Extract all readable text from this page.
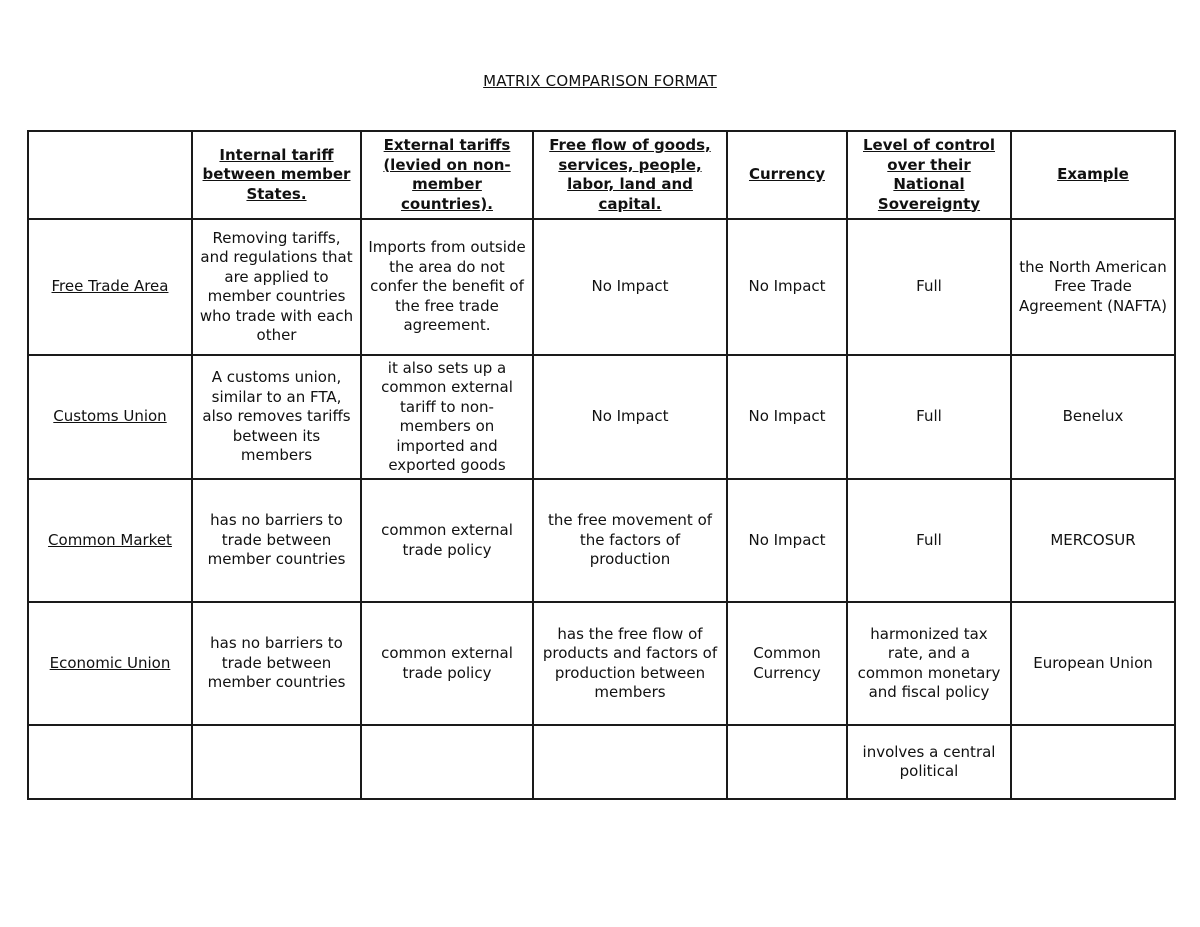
MATRIX COMPARISON FORMAT
	Internal tariff between member States.	External tariffs (levied on non-member countries).	Free flow of goods, services, people, labor, land and capital.	Currency	Level of control over their National Sovereignty	Example
Free Trade Area	Removing tariffs, and regulations that are applied to member countries who trade with each other	Imports from outside the area do not confer the benefit of the free trade agreement.	No Impact	No Impact	Full	the North American Free Trade Agreement (NAFTA)
Customs Union	A customs union, similar to an FTA, also removes tariffs between its members	it also sets up a common external tariff to non-members on imported and exported goods	No Impact	No Impact	Full	Benelux
Common Market	has no barriers to trade between member countries	common external trade policy	the free movement of the factors of production	No Impact	Full	MERCOSUR
Economic Union	has no barriers to trade between member countries	common external trade policy	has the free flow of products and factors of production between members	Common Currency	harmonized tax rate, and a common monetary and fiscal policy	European Union
					involves a central political	
